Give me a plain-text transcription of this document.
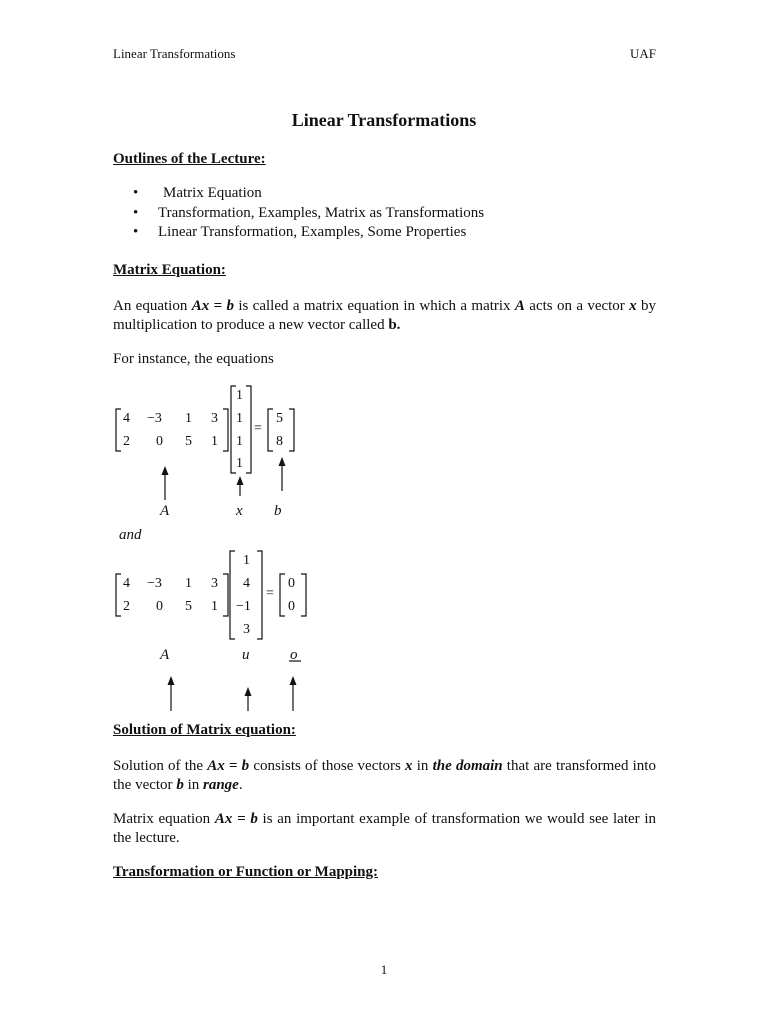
Linear Transformations	UAF
Linear Transformations
Outlines of the Lecture:
• Matrix Equation
• Transformation, Examples, Matrix as Transformations
• Linear Transformation, Examples, Some Properties
Matrix Equation:
An equation Ax = b is called a matrix equation in which a matrix A acts on a vector x by multiplication to produce a new vector called b.
For instance, the equations
4 −3 1 3
2 0 5 1
1
1
1
1
=
5
8
A	x b
and
4 −3 1 3
2 0 5 1
1
4
−1
3
=
0
0
A	u	o
Solution of Matrix equation:
Solution of the Ax = b consists of those vectors x in the domain that are transformed into the vector b in range.
Matrix equation Ax = b is an important example of transformation we would see later in the lecture.
Transformation or Function or Mapping:
1
